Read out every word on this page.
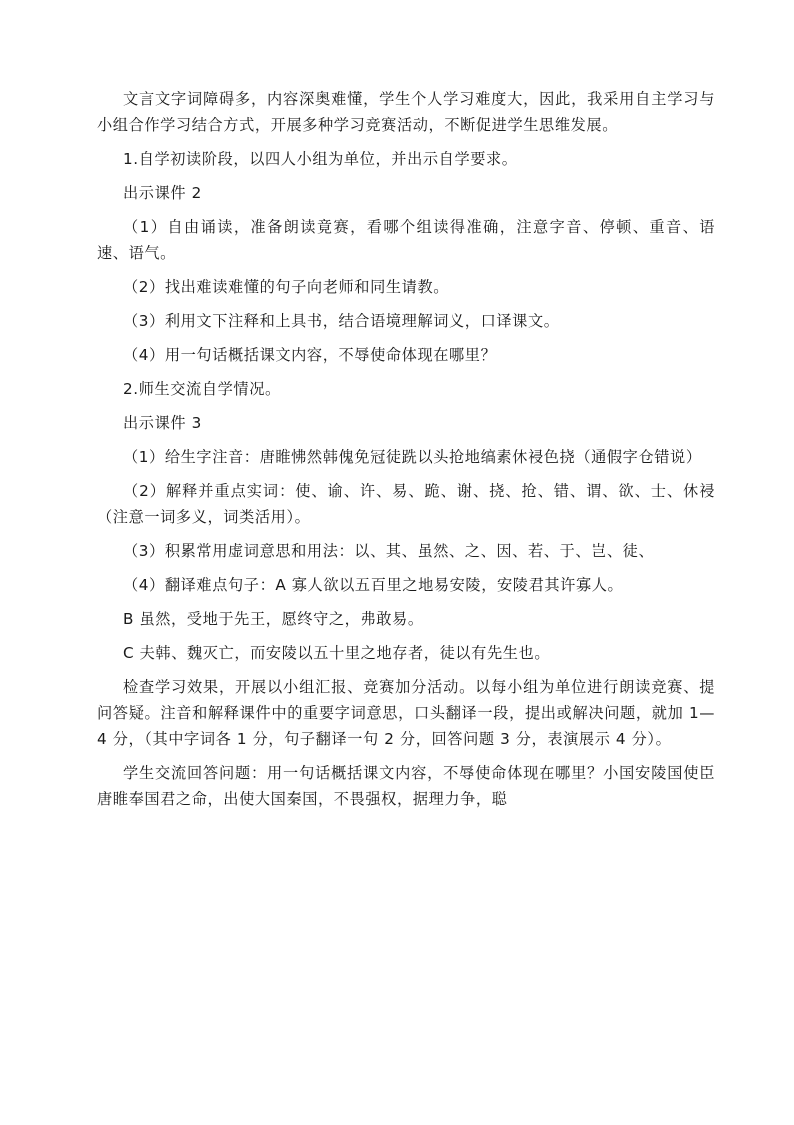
文言文字词障碍多，内容深奥难懂，学生个人学习难度大，因此，我采用自主学习与小组合作学习结合方式，开展多种学习竞赛活动，不断促进学生思维发展。

1.自学初读阶段，以四人小组为单位，并出示自学要求。

出示课件 2

（1）自由诵读，准备朗读竟赛，看哪个组读得准确，注意字音、停顿、重音、语速、语气。

（2）找出难读难懂的句子向老师和同生请教。

（3）利用文下注释和上具书，结合语境理解词义，口译课文。

（4）用一句话概括课文内容，不辱使命体现在哪里？

2.师生交流自学情况。

出示课件 3

（1）给生字注音：唐睢怫然韩傀免冠徒跣以头抢地缟素休祲色挠（通假字仓错说）

（2）解释并重点实词：使、谕、许、易、跪、谢、挠、抢、错、谓、欲、士、休祲（注意一词多义，词类活用）。

（3）积累常用虚词意思和用法：以、其、虽然、之、因、若、于、岂、徒、

（4）翻译难点句子：A 寡人欲以五百里之地易安陵，安陵君其许寡人。

B 虽然，受地于先王，愿终守之，弗敢易。

C 夫韩、魏灭亡，而安陵以五十里之地存者，徒以有先生也。

检查学习效果，开展以小组汇报、竞赛加分活动。以每小组为单位进行朗读竞赛、提问答疑。注音和解释课件中的重要字词意思，口头翻译一段，提出或解决问题，就加 1—4 分，（其中字词各 1 分，句子翻译一句 2 分，回答问题 3 分，表演展示 4 分）。

学生交流回答问题：用一句话概括课文内容，不辱使命体现在哪里？小国安陵国使臣唐睢奉国君之命，出使大国秦国，不畏强权，据理力争，聪
